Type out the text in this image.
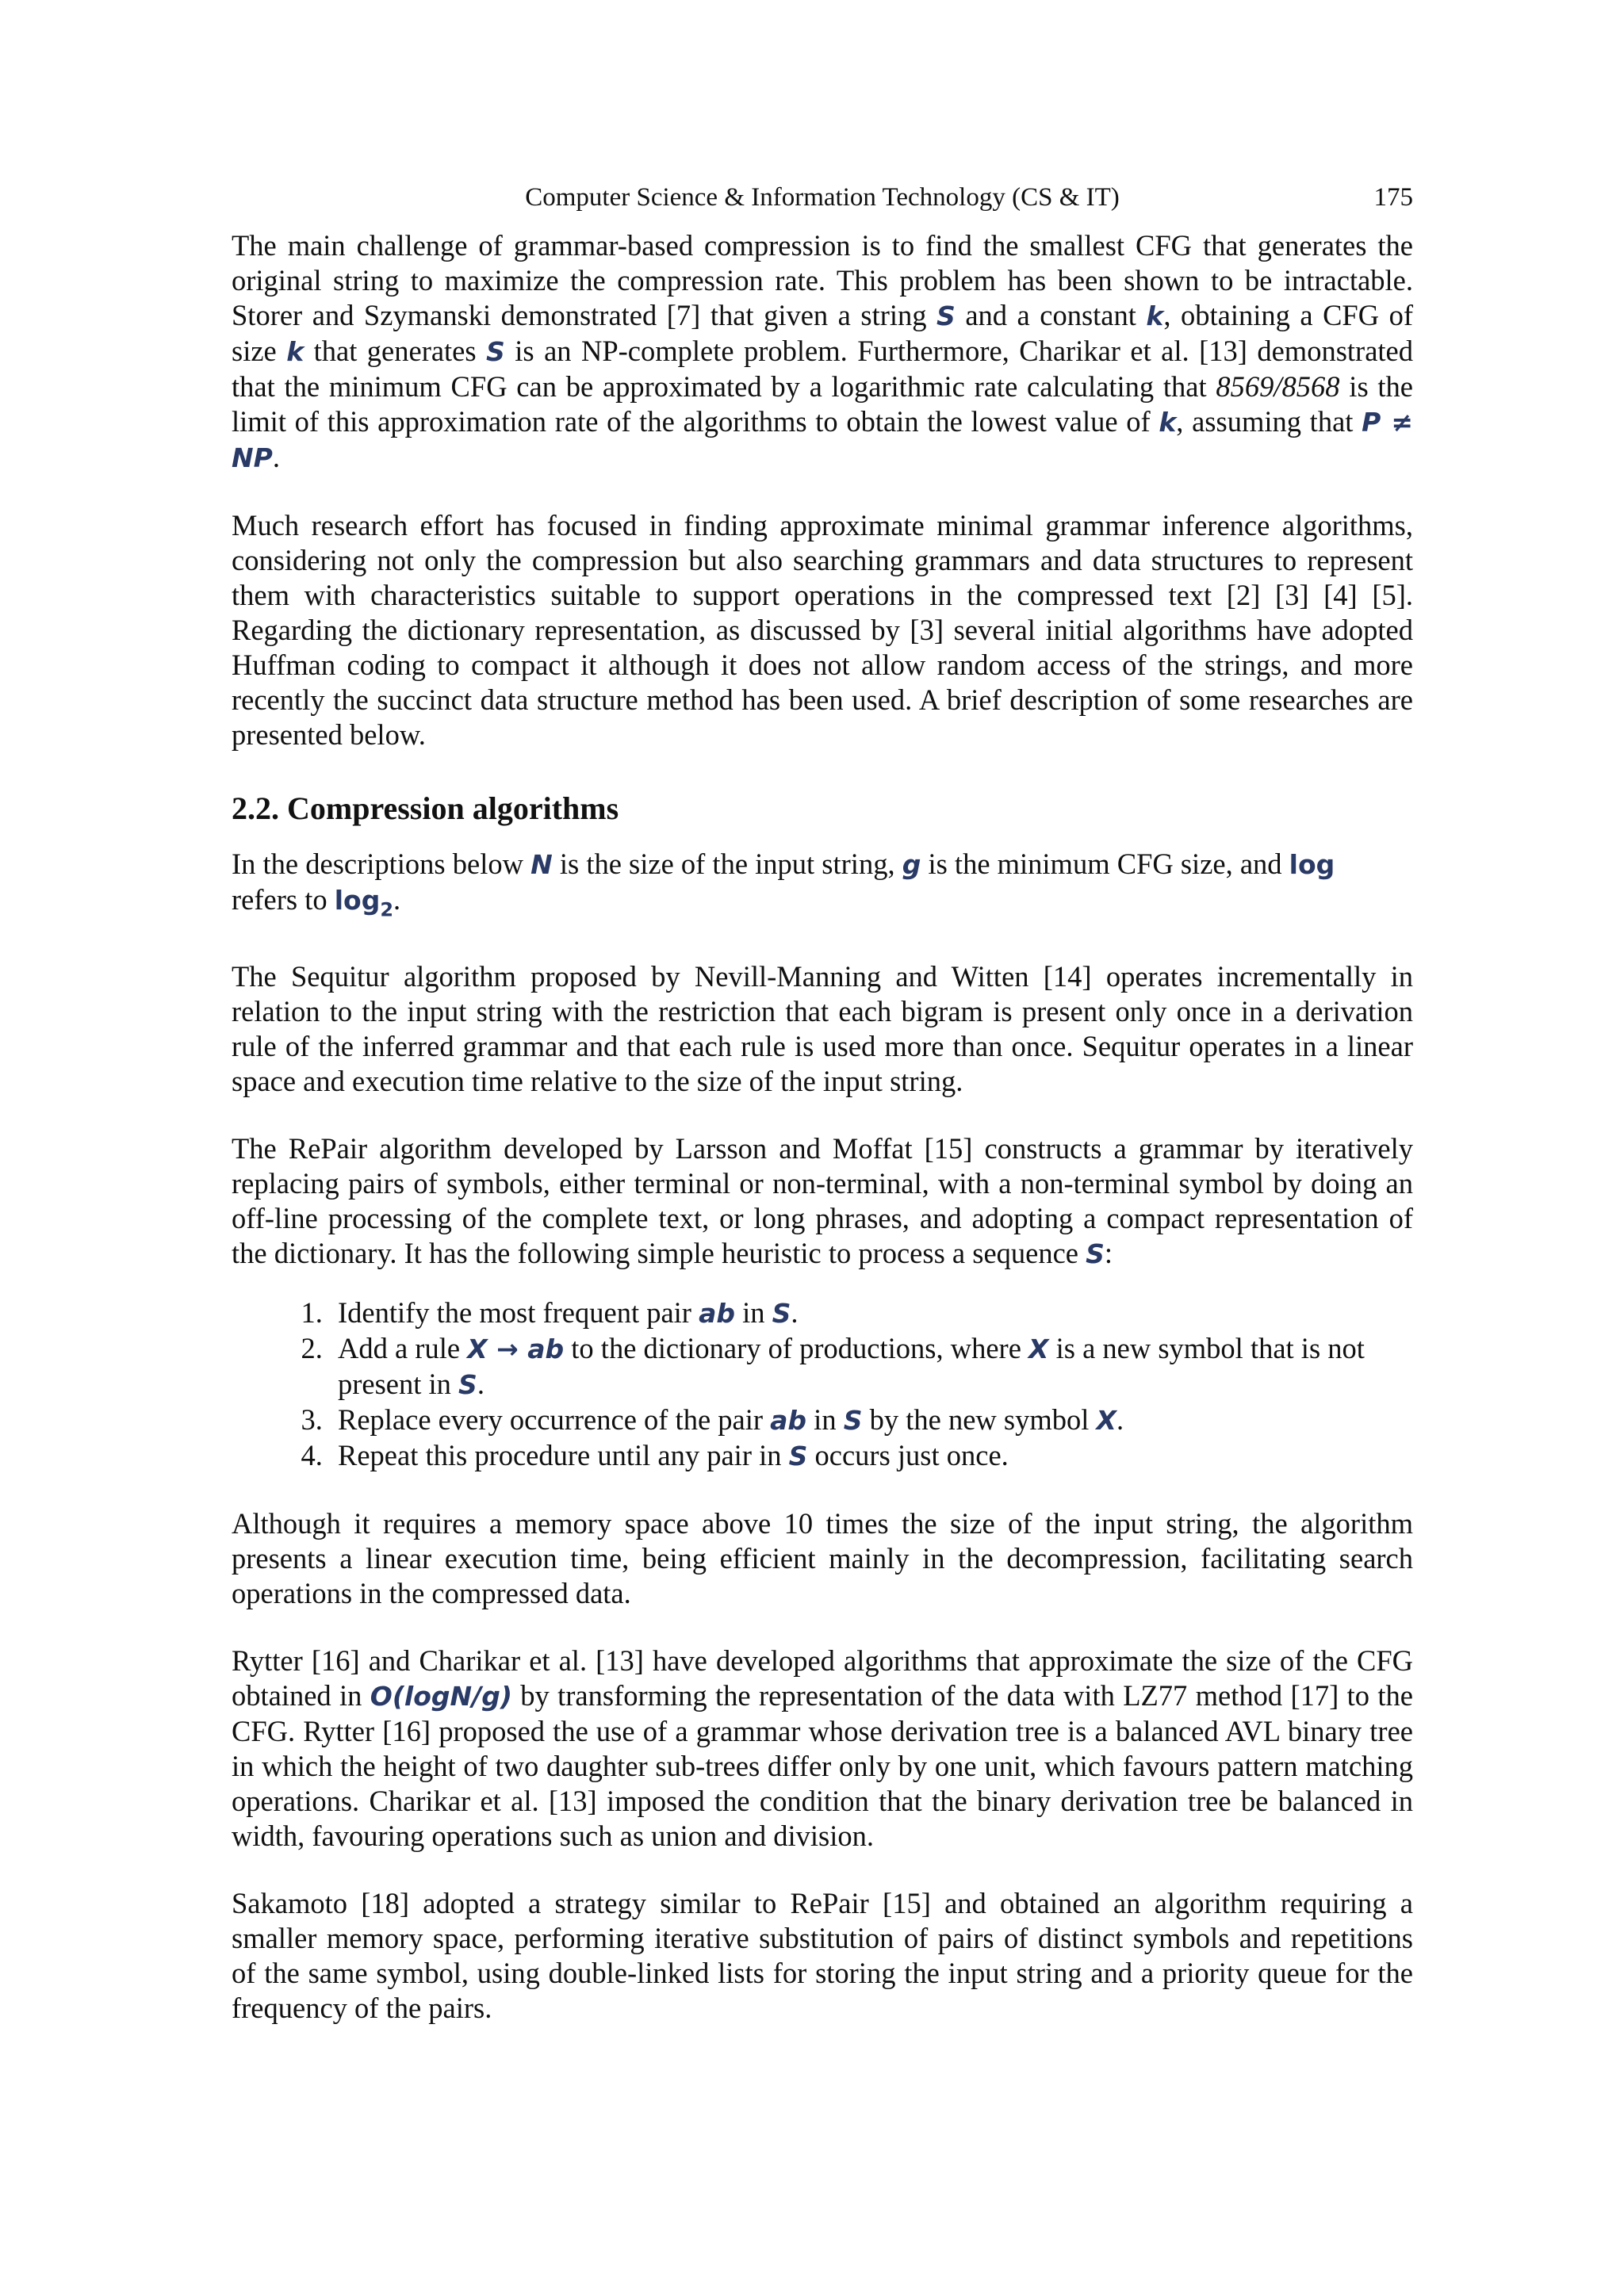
Computer Science & Information Technology (CS & IT)	175

The main challenge of grammar-based compression is to find the smallest CFG that generates the original string to maximize the compression rate. This problem has been shown to be intractable. Storer and Szymanski demonstrated [7] that given a string S and a constant k, obtaining a CFG of size k that generates S is an NP-complete problem. Furthermore, Charikar et al. [13] demonstrated that the minimum CFG can be approximated by a logarithmic rate calculating that 8569/8568 is the limit of this approximation rate of the algorithms to obtain the lowest value of k, assuming that P ≠ NP.

Much research effort has focused in finding approximate minimal grammar inference algorithms, considering not only the compression but also searching grammars and data structures to represent them with characteristics suitable to support operations in the compressed text [2] [3] [4] [5]. Regarding the dictionary representation, as discussed by [3] several initial algorithms have adopted Huffman coding to compact it although it does not allow random access of the strings, and more recently the succinct data structure method has been used. A brief description of some researches are presented below.

2.2. Compression algorithms

In the descriptions below N is the size of the input string, g is the minimum CFG size, and log
refers to $\log_2$.

The Sequitur algorithm proposed by Nevill-Manning and Witten [14] operates incrementally in relation to the input string with the restriction that each bigram is present only once in a derivation rule of the inferred grammar and that each rule is used more than once. Sequitur operates in a linear space and execution time relative to the size of the input string.

The RePair algorithm developed by Larsson and Moffat [15] constructs a grammar by iteratively replacing pairs of symbols, either terminal or non-terminal, with a non-terminal symbol by doing an off-line processing of the complete text, or long phrases, and adopting a compact representation of the dictionary. It has the following simple heuristic to process a sequence S:

1. Identify the most frequent pair ab in S.
2. Add a rule X → ab to the dictionary of productions, where X is a new symbol that is not present in S.
3. Replace every occurrence of the pair ab in S by the new symbol X.
4. Repeat this procedure until any pair in S occurs just once.

Although it requires a memory space above 10 times the size of the input string, the algorithm presents a linear execution time, being efficient mainly in the decompression, facilitating search operations in the compressed data.

Rytter [16] and Charikar et al. [13] have developed algorithms that approximate the size of the CFG obtained in O(logN/g) by transforming the representation of the data with LZ77 method [17] to the CFG. Rytter [16] proposed the use of a grammar whose derivation tree is a balanced AVL binary tree in which the height of two daughter sub-trees differ only by one unit, which favours pattern matching operations. Charikar et al. [13] imposed the condition that the binary derivation tree be balanced in width, favouring operations such as union and division.

Sakamoto [18] adopted a strategy similar to RePair [15] and obtained an algorithm requiring a smaller memory space, performing iterative substitution of pairs of distinct symbols and repetitions of the same symbol, using double-linked lists for storing the input string and a priority queue for the frequency of the pairs.
